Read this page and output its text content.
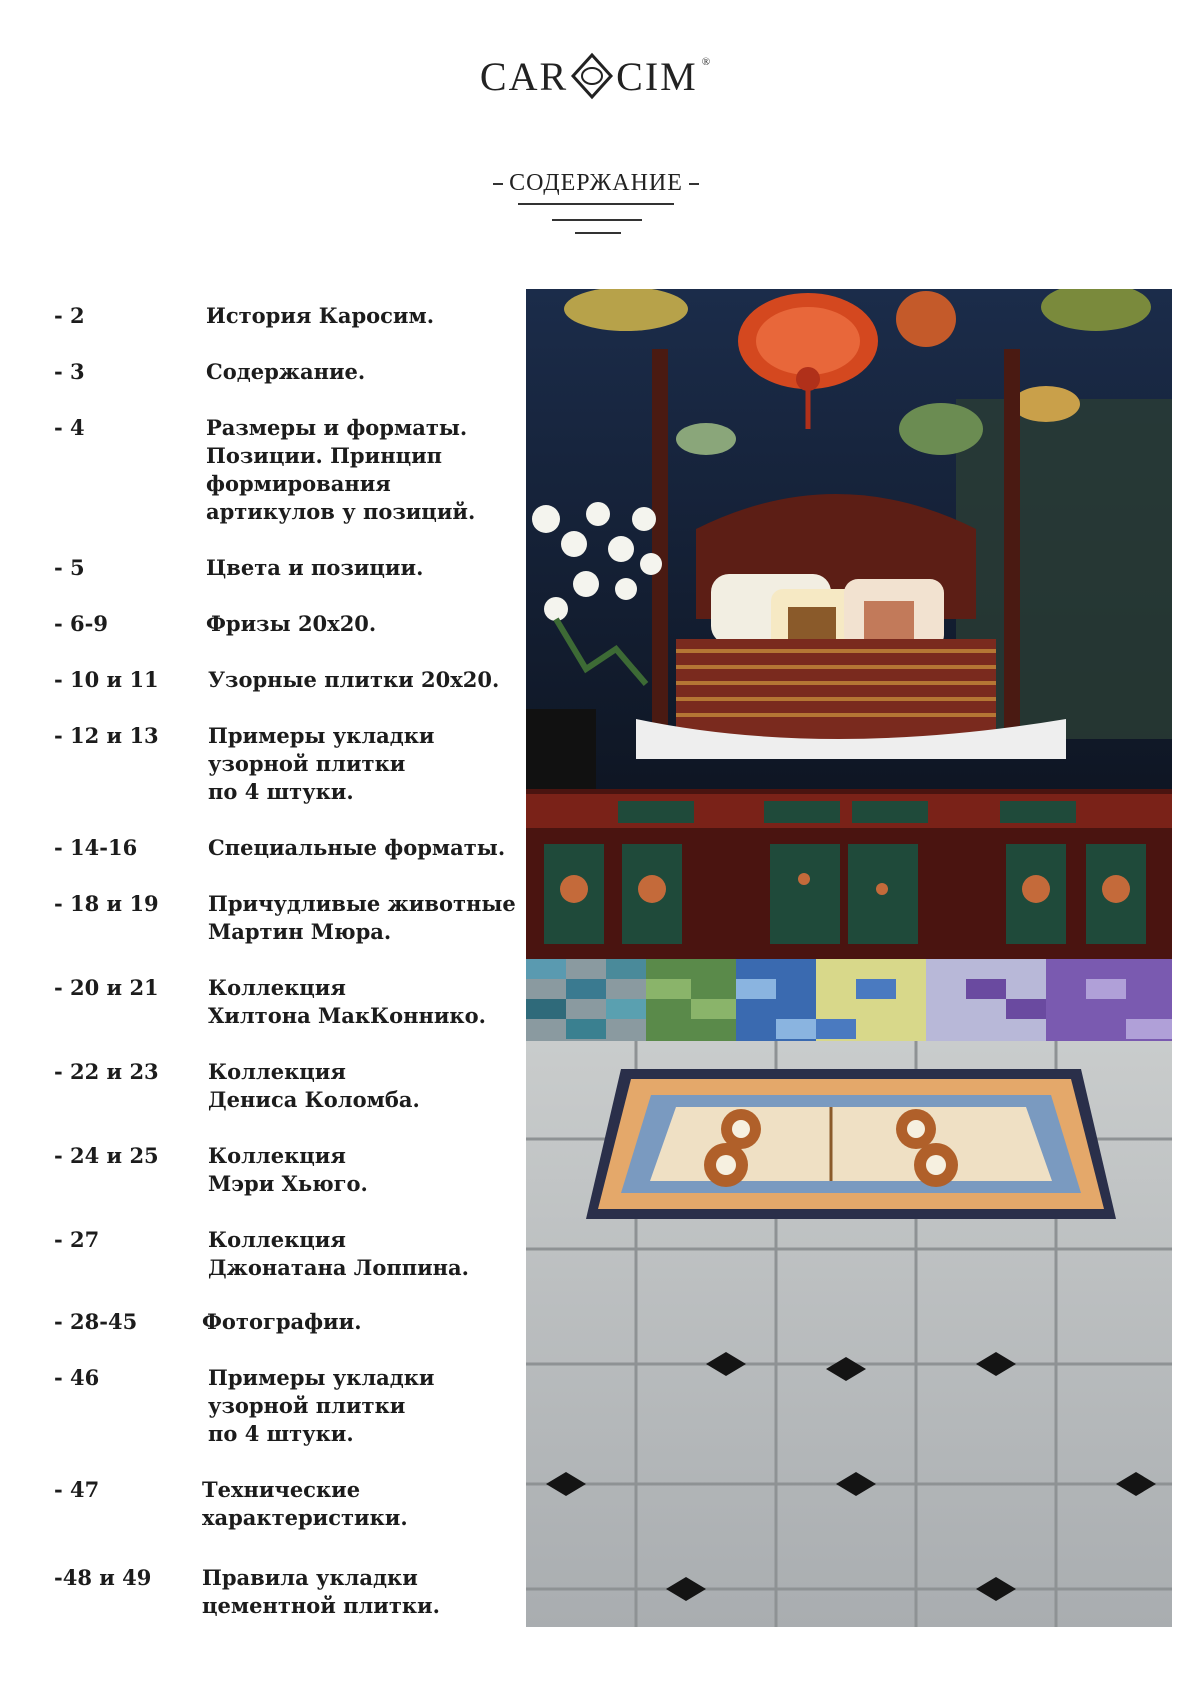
CAR CIM ®
СОДЕРЖАНИЕ
- 2	История Каросим.
- 3	Содержание.
- 4	Размеры и форматы.
Позиции. Принцип
формирования
артикулов у позиций.
- 5	Цвета и позиции.
- 6-9	Фризы 20x20.
- 10 и 11 Узорные плитки 20x20.
- 12 и 13 Примеры укладки
узорной плитки
по 4 штуки.
- 14-16	Специальные форматы.
- 18 и 19 Причудливые животные
Мартин Мюра.
- 20 и 21 Коллекция
Хилтона МакКоннико.
- 22 и 23 Коллекция
Дениса Коломба.
- 24 и 25 Коллекция
Мэри Хьюго.
- 27	Коллекция
Джонатана Лоппина.
- 28-45	Фотографии.
- 46	Примеры укладки
узорной плитки
по 4 штуки.
- 47	Технические
характеристики.
-48 и 49 Правила укладки
цементной плитки.
